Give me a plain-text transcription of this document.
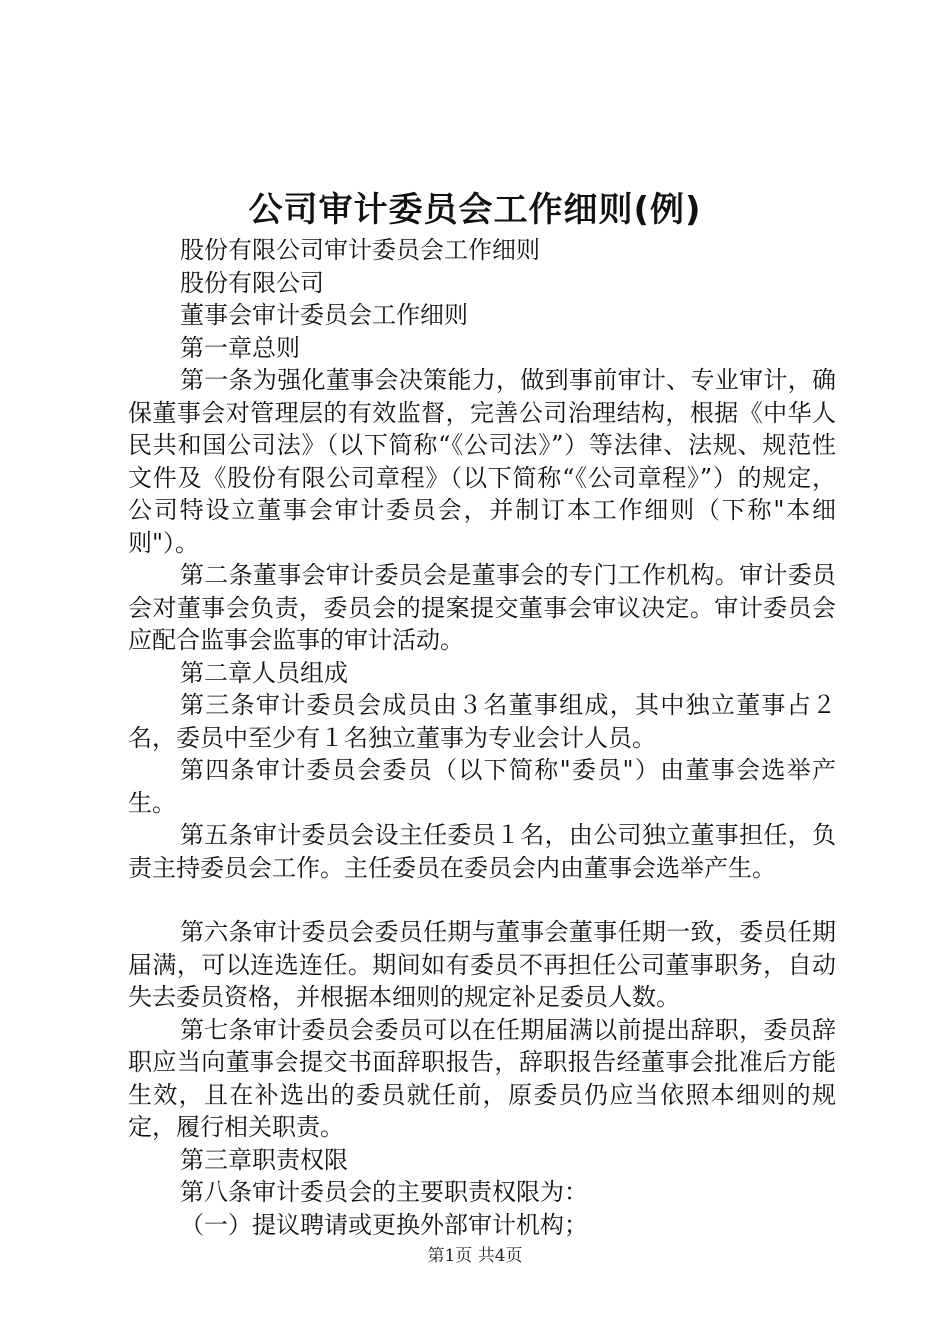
公司审计委员会工作细则(例)
股份有限公司审计委员会工作细则
股份有限公司
董事会审计委员会工作细则
第一章总则
第一条为强化董事会决策能力，做到事前审计、专业审计，确保董事会对管理层的有效监督，完善公司治理结构，根据《中华人民共和国公司法》（以下简称“《公司法》”）等法律、法规、规范性文件及《股份有限公司章程》（以下简称“《公司章程》”）的规定，公司特设立董事会审计委员会，并制订本工作细则（下称"本细则"）。
第二条董事会审计委员会是董事会的专门工作机构。审计委员会对董事会负责，委员会的提案提交董事会审议决定。审计委员会应配合监事会监事的审计活动。
第二章人员组成
第三条审计委员会成员由３名董事组成，其中独立董事占２名，委员中至少有１名独立董事为专业会计人员。
第四条审计委员会委员（以下简称"委员"）由董事会选举产生。
第五条审计委员会设主任委员１名，由公司独立董事担任，负责主持委员会工作。主任委员在委员会内由董事会选举产生。
第六条审计委员会委员任期与董事会董事任期一致，委员任期届满，可以连选连任。期间如有委员不再担任公司董事职务，自动失去委员资格，并根据本细则的规定补足委员人数。
第七条审计委员会委员可以在任期届满以前提出辞职，委员辞职应当向董事会提交书面辞职报告，辞职报告经董事会批准后方能生效，且在补选出的委员就任前，原委员仍应当依照本细则的规定，履行相关职责。
第三章职责权限
第八条审计委员会的主要职责权限为：
（一）提议聘请或更换外部审计机构；
第1页 共4页
